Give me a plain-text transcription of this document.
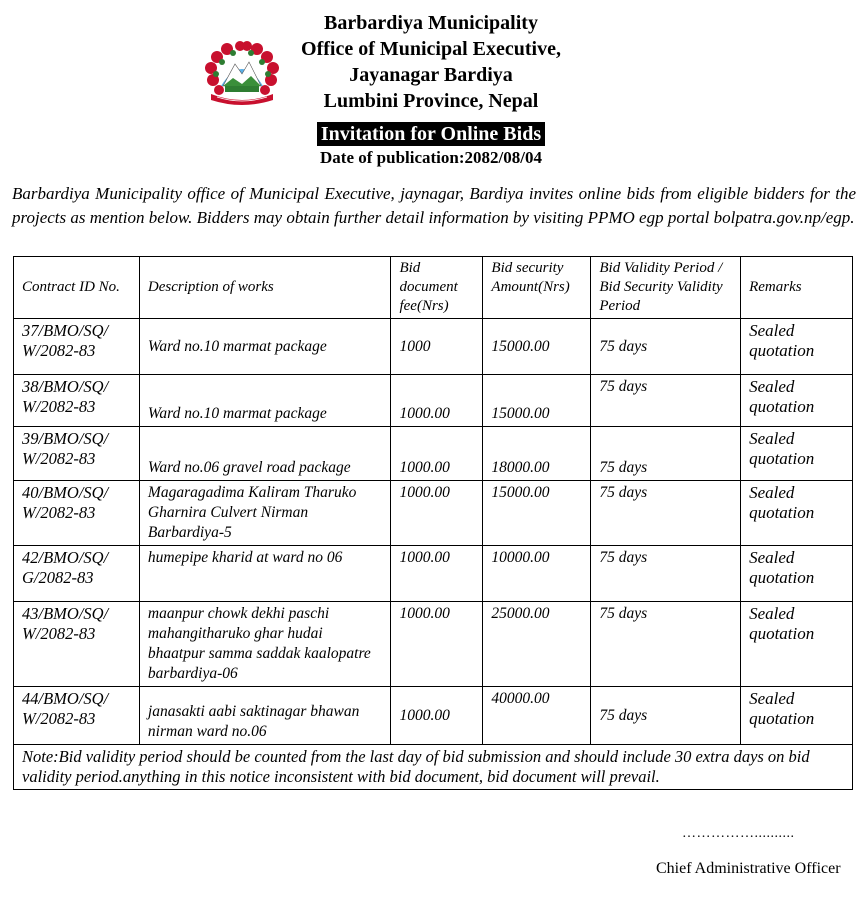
Barbardiya Municipality
Office of Municipal Executive,
Jayanagar Bardiya
Lumbini Province, Nepal
Invitation for Online Bids
Date of publication:2082/08/04
Barbardiya Municipality office of Municipal Executive, jaynagar, Bardiya invites online bids from eligible bidders for the projects as mention below. Bidders may obtain further detail information by visiting PPMO egp portal bolpatra.gov.np/egp.
Contract ID No.	Description of works	Bid document fee(Nrs)	Bid security Amount(Nrs)	Bid Validity Period / Bid Security Validity Period	Remarks
37/BMO/SQ/ W/2082-83	Ward no.10 marmat package	1000	15000.00	75 days	Sealed quotation
38/BMO/SQ/ W/2082-83	Ward no.10 marmat package	1000.00	15000.00	75 days	Sealed quotation
39/BMO/SQ/ W/2082-83	Ward no.06 gravel road package	1000.00	18000.00	75 days	Sealed quotation
40/BMO/SQ/ W/2082-83	Magaragadima Kaliram Tharuko Gharnira Culvert Nirman Barbardiya-5	1000.00	15000.00	75 days	Sealed quotation
42/BMO/SQ/ G/2082-83	humepipe kharid at ward no 06	1000.00	10000.00	75 days	Sealed quotation
43/BMO/SQ/ W/2082-83	maanpur chowk dekhi paschi mahangitharuko ghar hudai bhaatpur samma saddak kaalopatre barbardiya-06	1000.00	25000.00	75 days	Sealed quotation
44/BMO/SQ/ W/2082-83	janasakti aabi saktinagar bhawan nirman ward no.06	1000.00	40000.00	75 days	Sealed quotation
Note:Bid validity period should be counted from the last day of bid submission and should include 30 extra days on bid validity period.anything in this notice inconsistent with bid document, bid document will prevail.					
……………..........
Chief Administrative Officer
